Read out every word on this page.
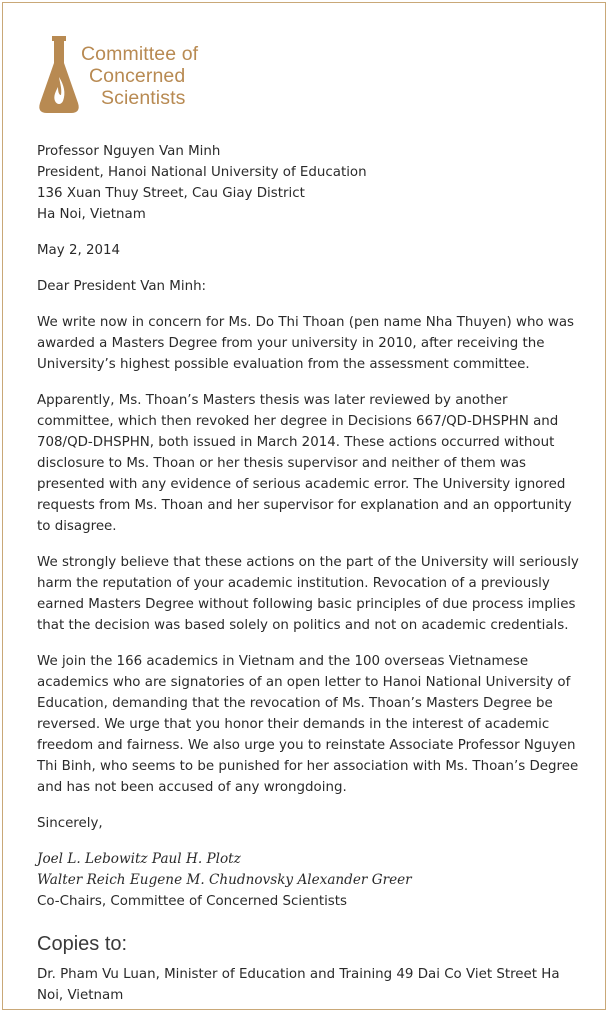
Committee of
Concerned
Scientists

Professor Nguyen Van Minh
President, Hanoi National University of Education
136 Xuan Thuy Street, Cau Giay District
Ha Noi, Vietnam

May 2, 2014

Dear President Van Minh:

We write now in concern for Ms. Do Thi Thoan (pen name Nha Thuyen) who was awarded a Masters Degree from your university in 2010, after receiving the University’s highest possible evaluation from the assessment committee.

Apparently, Ms. Thoan’s Masters thesis was later reviewed by another committee, which then revoked her degree in Decisions 667/QD-DHSPHN and 708/QD-DHSPHN, both issued in March 2014. These actions occurred without disclosure to Ms. Thoan or her thesis supervisor and neither of them was presented with any evidence of serious academic error. The University ignored requests from Ms. Thoan and her supervisor for explanation and an opportunity to disagree.

We strongly believe that these actions on the part of the University will seriously harm the reputation of your academic institution. Revocation of a previously earned Masters Degree without following basic principles of due process implies that the decision was based solely on politics and not on academic credentials.

We join the 166 academics in Vietnam and the 100 overseas Vietnamese academics who are signatories of an open letter to Hanoi National University of Education, demanding that the revocation of Ms. Thoan’s Masters Degree be reversed. We urge that you honor their demands in the interest of academic freedom and fairness. We also urge you to reinstate Associate Professor Nguyen Thi Binh, who seems to be punished for her association with Ms. Thoan’s Degree and has not been accused of any wrongdoing.

Sincerely,

Joel L. Lebowitz Paul H. Plotz
Walter Reich Eugene M. Chudnovsky Alexander Greer
Co-Chairs, Committee of Concerned Scientists

Copies to:

Dr. Pham Vu Luan, Minister of Education and Training 49 Dai Co Viet Street Ha Noi, Vietnam
